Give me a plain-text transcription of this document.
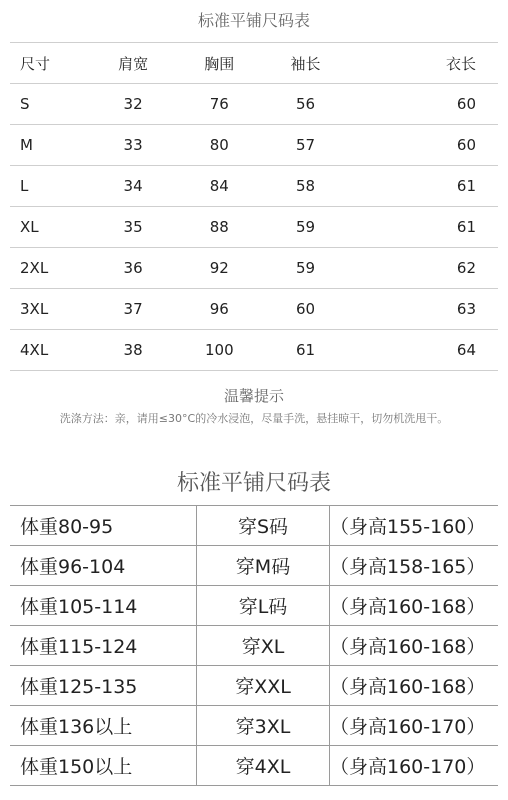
标准平铺尺码表
尺寸	肩宽	胸围	袖长	衣长
S	32	76	56	60
M	33	80	57	60
L	34	84	58	61
XL	35	88	59	61
2XL	36	92	59	62
3XL	37	96	60	63
4XL	38	100	61	64
温馨提示
洗涤方法：亲，请用≤30°C的冷水浸泡，尽量手洗，悬挂晾干，切勿机洗甩干。
标准平铺尺码表
体重80-95	穿S码	（身高155-160）
体重96-104	穿M码	（身高158-165）
体重105-114	穿L码	（身高160-168）
体重115-124	穿XL	（身高160-168）
体重125-135	穿XXL	（身高160-168）
体重136以上	穿3XL	（身高160-170）
体重150以上	穿4XL	（身高160-170）
